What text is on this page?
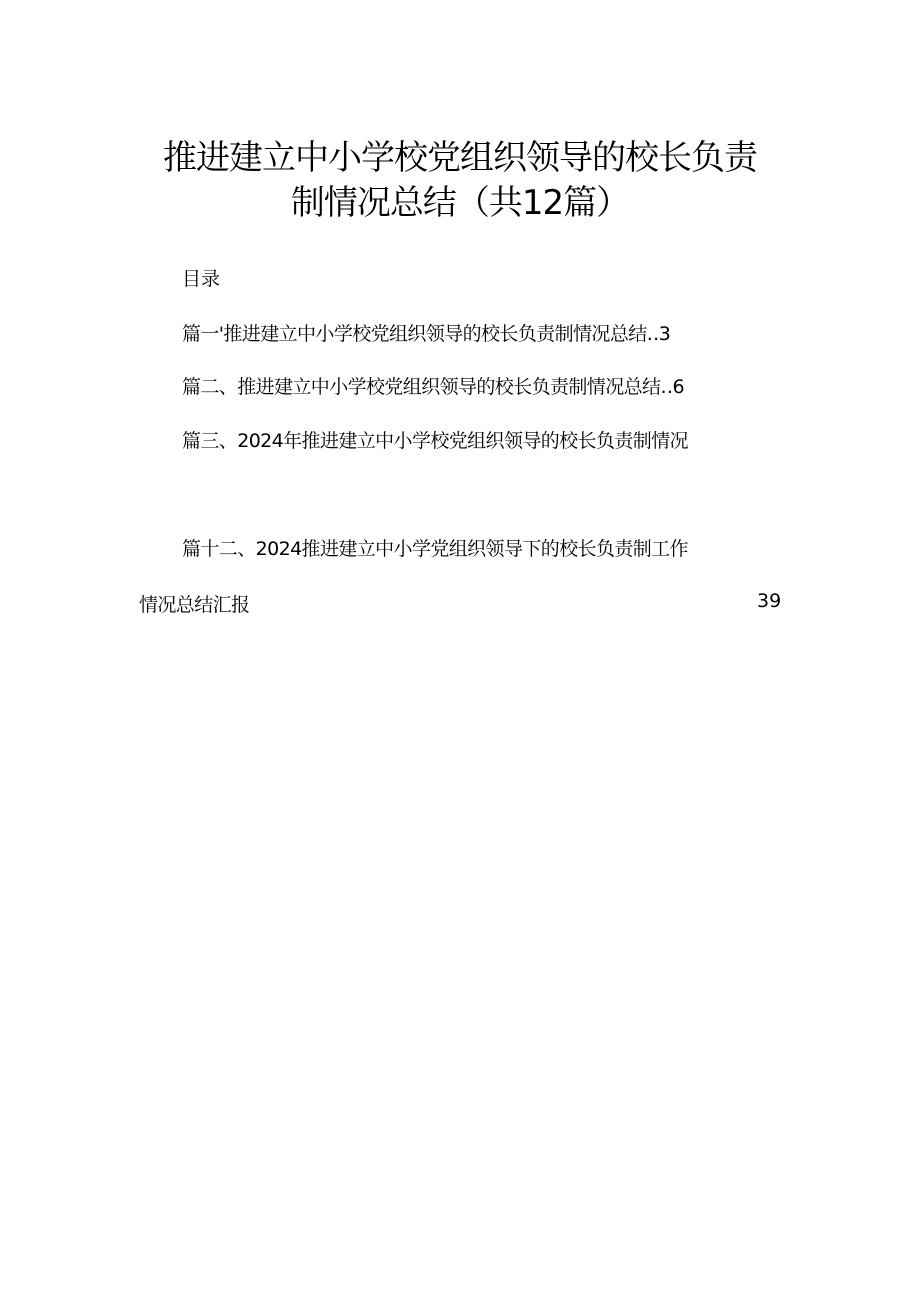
推进建立中小学校党组织领导的校长负责
制情况总结（共12篇）
目录
篇一'推进建立中小学校党组织领导的校长负责制情况总结‥3
篇二、推进建立中小学校党组织领导的校长负责制情况总结‥6
篇三、2024年推进建立中小学校党组织领导的校长负责制情况
篇十二、2024推进建立中小学党组织领导下的校长负责制工作
情况总结汇报	39
